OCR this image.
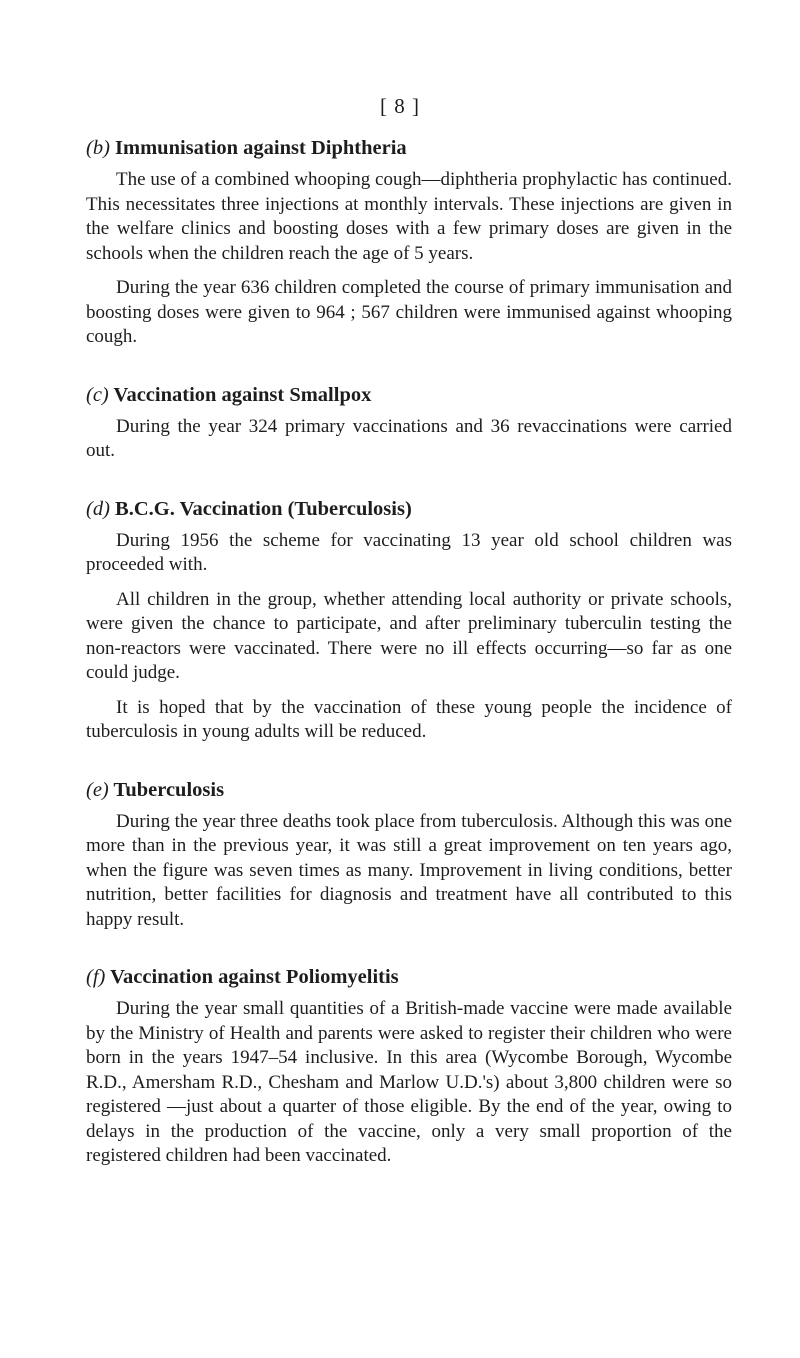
[ 8 ]
(b) Immunisation against Diphtheria

The use of a combined whooping cough—diphtheria prophylactic has continued. This necessitates three injections at monthly intervals. These injections are given in the welfare clinics and boosting doses with a few primary doses are given in the schools when the children reach the age of 5 years.

During the year 636 children completed the course of primary immunisation and boosting doses were given to 964 ; 567 children were immunised against whooping cough.

(c) Vaccination against Smallpox

During the year 324 primary vaccinations and 36 revaccinations were carried out.

(d) B.C.G. Vaccination (Tuberculosis)

During 1956 the scheme for vaccinating 13 year old school children was proceeded with.

All children in the group, whether attending local authority or private schools, were given the chance to participate, and after preliminary tuberculin testing the non-reactors were vaccinated. There were no ill effects occurring—so far as one could judge.

It is hoped that by the vaccination of these young people the incidence of tuberculosis in young adults will be reduced.

(e) Tuberculosis

During the year three deaths took place from tuberculosis. Although this was one more than in the previous year, it was still a great improvement on ten years ago, when the figure was seven times as many. Improvement in living conditions, better nutrition, better facilities for diagnosis and treatment have all contributed to this happy result.

(f) Vaccination against Poliomyelitis

During the year small quantities of a British-made vaccine were made available by the Ministry of Health and parents were asked to register their children who were born in the years 1947–54 inclusive. In this area (Wycombe Borough, Wycombe R.D., Amersham R.D., Chesham and Marlow U.D.'s) about 3,800 children were so registered —just about a quarter of those eligible. By the end of the year, owing to delays in the production of the vaccine, only a very small proportion of the registered children had been vaccinated.
